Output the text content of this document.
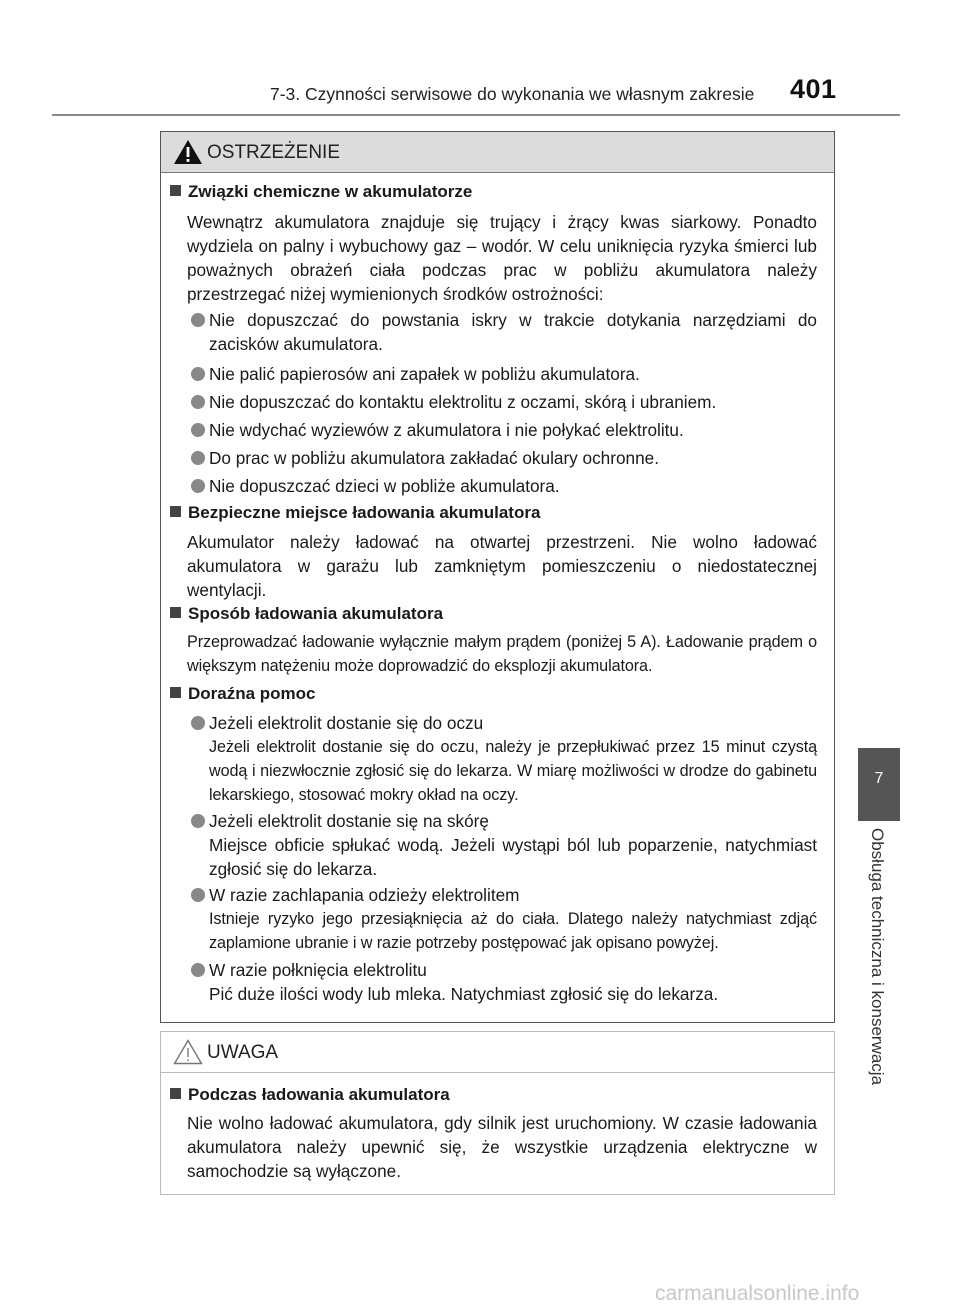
7-3. Czynności serwisowe do wykonania we własnym zakresie 401
7
Obsługa techniczna i konserwacja
OSTRZEŻENIE
Związki chemiczne w akumulatorze
Wewnątrz akumulatora znajduje się trujący i żrący kwas siarkowy. Ponadto wydziela on palny i wybuchowy gaz – wodór. W celu uniknięcia ryzyka śmierci lub poważnych obrażeń ciała podczas prac w pobliżu akumulatora należy przestrzegać niżej wymienionych środków ostrożności:
Nie dopuszczać do powstania iskry w trakcie dotykania narzędziami do zacisków akumulatora.
Nie palić papierosów ani zapałek w pobliżu akumulatora.
Nie dopuszczać do kontaktu elektrolitu z oczami, skórą i ubraniem.
Nie wdychać wyziewów z akumulatora i nie połykać elektrolitu.
Do prac w pobliżu akumulatora zakładać okulary ochronne.
Nie dopuszczać dzieci w pobliże akumulatora.
Bezpieczne miejsce ładowania akumulatora
Akumulator należy ładować na otwartej przestrzeni. Nie wolno ładować akumulatora w garażu lub zamkniętym pomieszczeniu o niedostatecznej wentylacji.
Sposób ładowania akumulatora
Przeprowadzać ładowanie wyłącznie małym prądem (poniżej 5 A). Ładowanie prądem o większym natężeniu może doprowadzić do eksplozji akumulatora.
Doraźna pomoc
Jeżeli elektrolit dostanie się do oczu
Jeżeli elektrolit dostanie się do oczu, należy je przepłukiwać przez 15 minut czystą wodą i niezwłocznie zgłosić się do lekarza. W miarę możliwości w drodze do gabinetu lekarskiego, stosować mokry okład na oczy.
Jeżeli elektrolit dostanie się na skórę
Miejsce obficie spłukać wodą. Jeżeli wystąpi ból lub poparzenie, natychmiast zgłosić się do lekarza.
W razie zachlapania odzieży elektrolitem
Istnieje ryzyko jego przesiąknięcia aż do ciała. Dlatego należy natychmiast zdjąć zaplamione ubranie i w razie potrzeby postępować jak opisano powyżej.
W razie połknięcia elektrolitu
Pić duże ilości wody lub mleka. Natychmiast zgłosić się do lekarza.
UWAGA
Podczas ładowania akumulatora
Nie wolno ładować akumulatora, gdy silnik jest uruchomiony. W czasie ładowania akumulatora należy upewnić się, że wszystkie urządzenia elektryczne w samochodzie są wyłączone.
carmanualsonline.info
